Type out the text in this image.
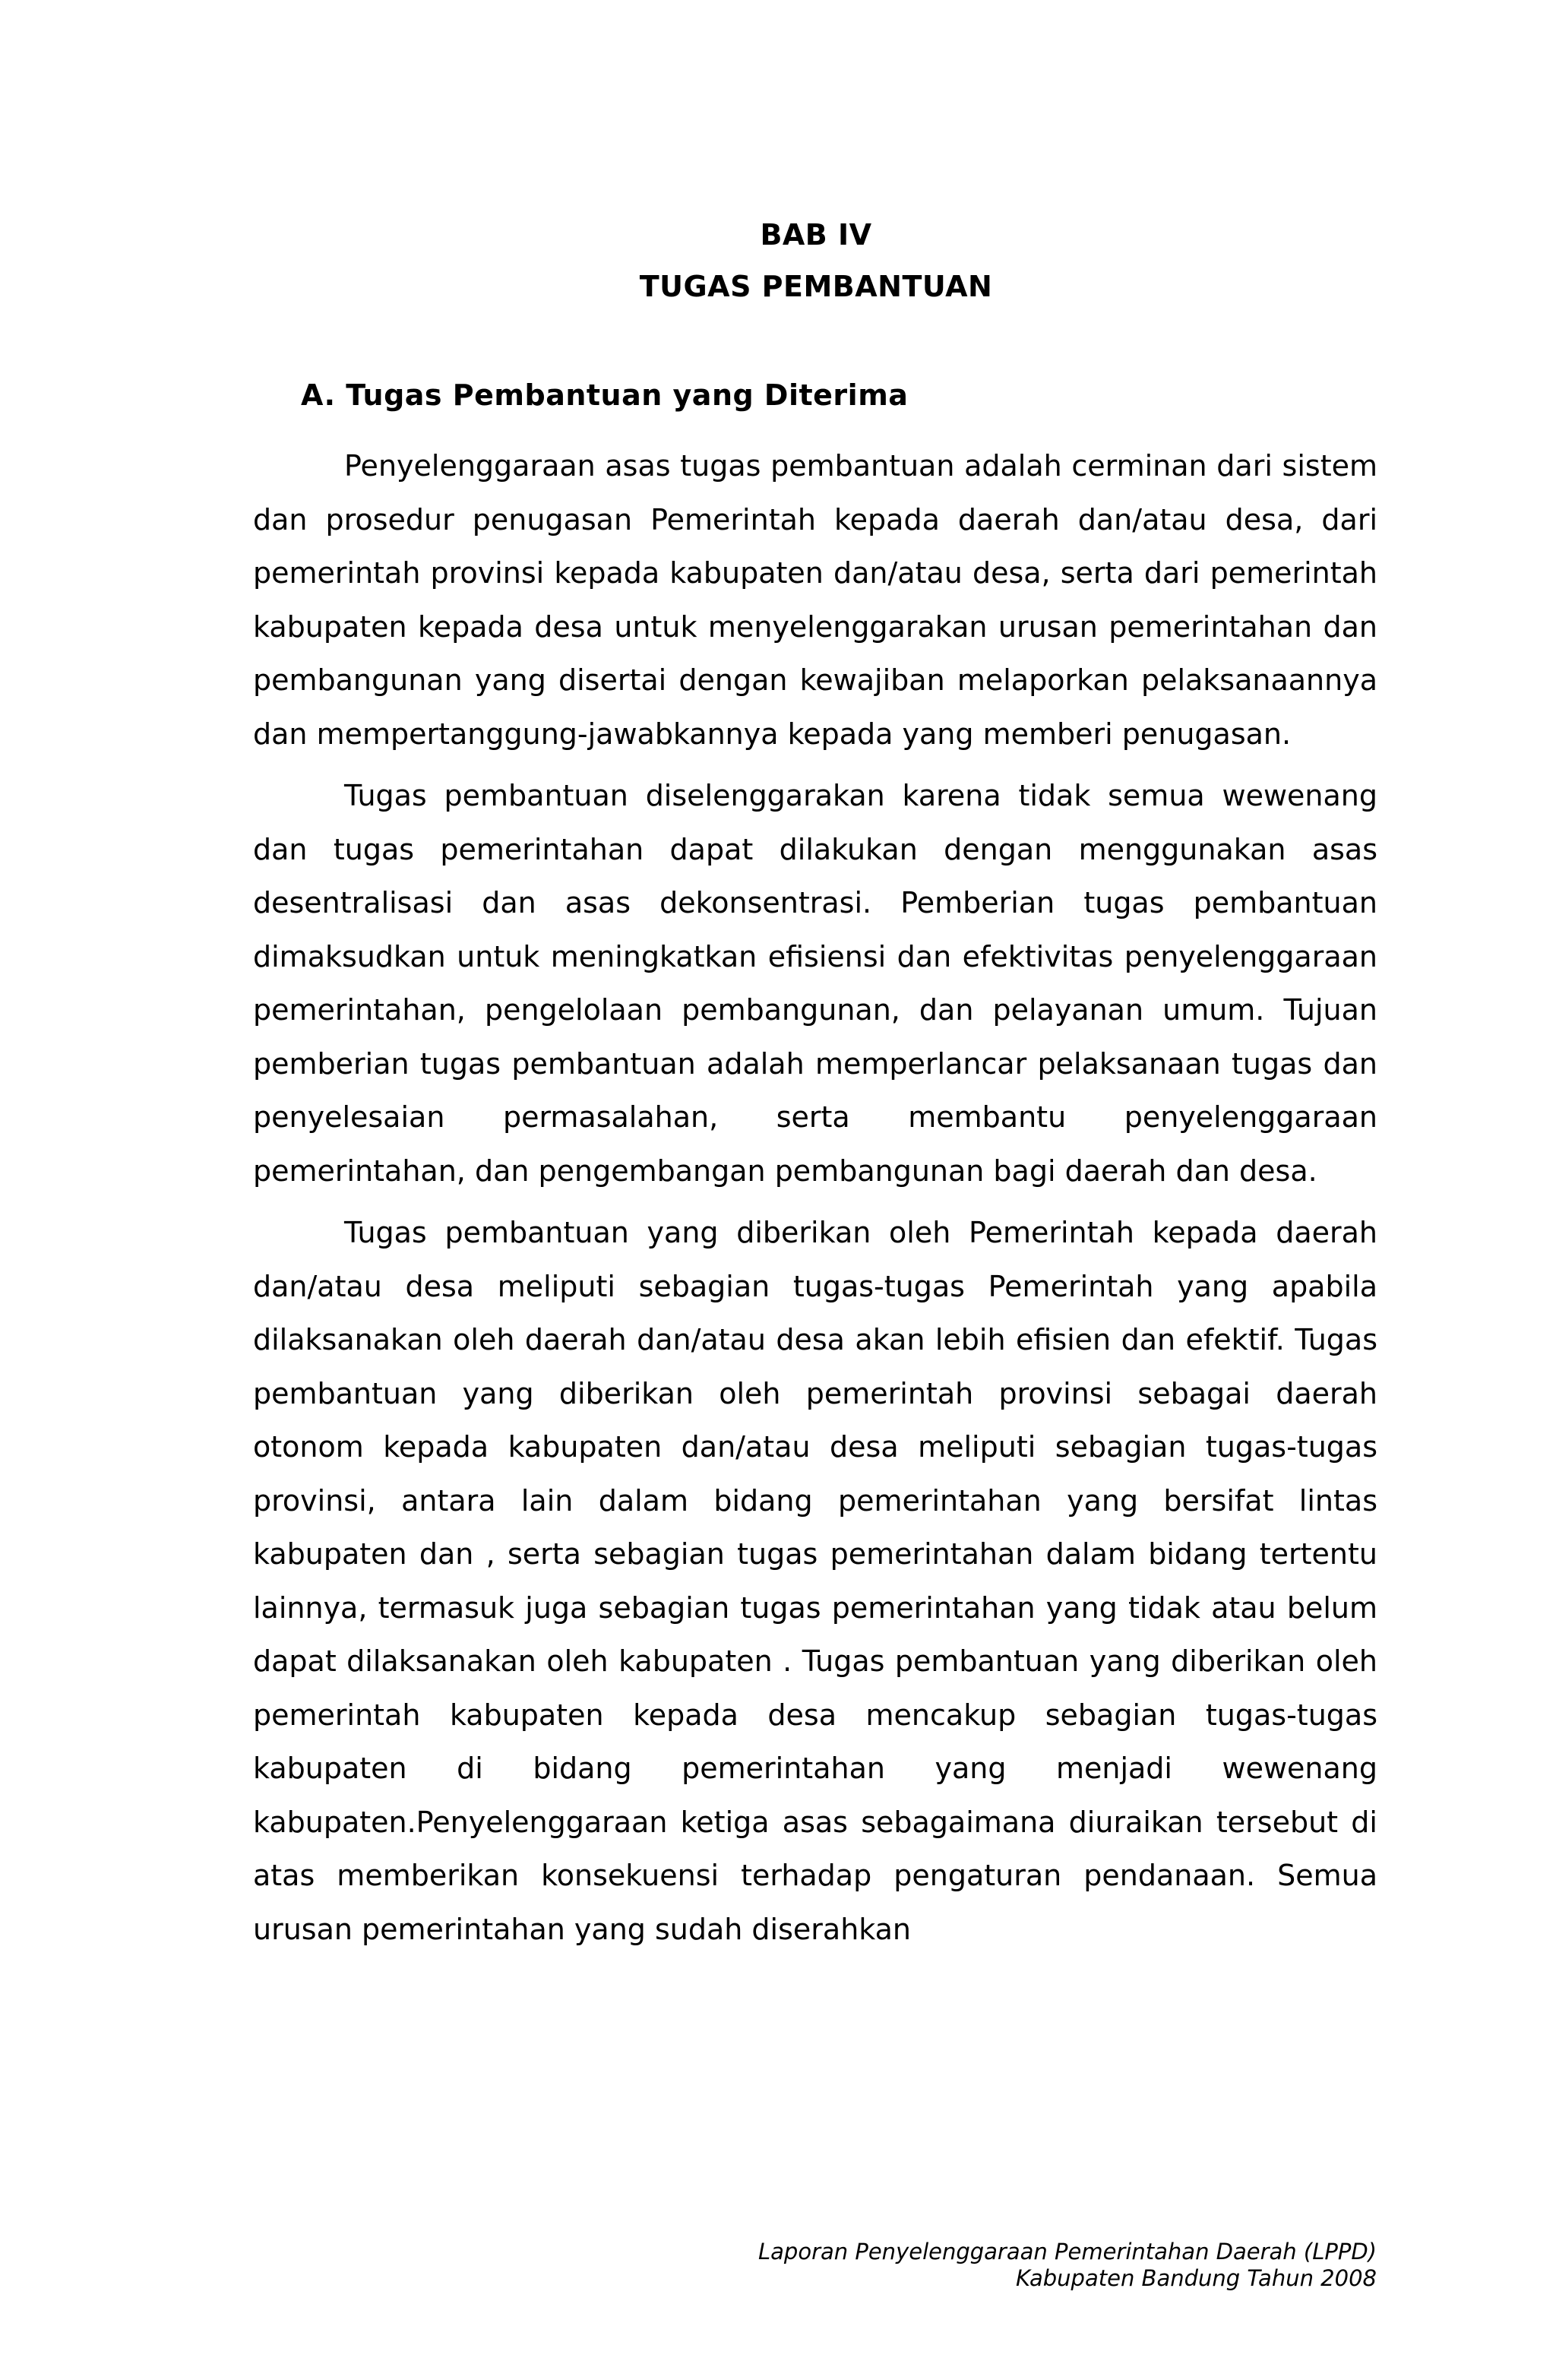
BAB IV
TUGAS PEMBANTUAN
A. Tugas Pembantuan yang Diterima

Penyelenggaraan asas tugas pembantuan adalah cerminan dari sistem dan prosedur penugasan Pemerintah kepada daerah dan/atau desa, dari pemerintah provinsi kepada kabupaten dan/atau desa, serta dari pemerintah kabupaten kepada desa untuk menyelenggarakan urusan pemerintahan dan pembangunan yang disertai dengan kewajiban melaporkan pelaksanaannya dan mempertanggung-jawabkannya kepada yang memberi penugasan.

Tugas pembantuan diselenggarakan karena tidak semua wewenang dan tugas pemerintahan dapat dilakukan dengan menggunakan asas desentralisasi dan asas dekonsentrasi. Pemberian tugas pembantuan dimaksudkan untuk meningkatkan efisiensi dan efektivitas penyelenggaraan pemerintahan, pengelolaan pembangunan, dan pelayanan umum. Tujuan pemberian tugas pembantuan adalah memperlancar pelaksanaan tugas dan penyelesaian permasalahan, serta membantu penyelenggaraan pemerintahan, dan pengembangan pembangunan bagi daerah dan desa.

Tugas pembantuan yang diberikan oleh Pemerintah kepada daerah dan/atau desa meliputi sebagian tugas-tugas Pemerintah yang apabila dilaksanakan oleh daerah dan/atau desa akan lebih efisien dan efektif. Tugas pembantuan yang diberikan oleh pemerintah provinsi sebagai daerah otonom kepada kabupaten dan/atau desa meliputi sebagian tugas-tugas provinsi, antara lain dalam bidang pemerintahan yang bersifat lintas kabupaten dan , serta sebagian tugas pemerintahan dalam bidang tertentu lainnya, termasuk juga sebagian tugas pemerintahan yang tidak atau belum dapat dilaksanakan oleh kabupaten . Tugas pembantuan yang diberikan oleh pemerintah kabupaten kepada desa mencakup sebagian tugas-tugas kabupaten di bidang pemerintahan yang menjadi wewenang kabupaten.Penyelenggaraan ketiga asas sebagaimana diuraikan tersebut di atas memberikan konsekuensi terhadap pengaturan pendanaan. Semua urusan pemerintahan yang sudah diserahkan

Laporan Penyelenggaraan Pemerintahan Daerah (LPPD)
Kabupaten Bandung Tahun 2008
